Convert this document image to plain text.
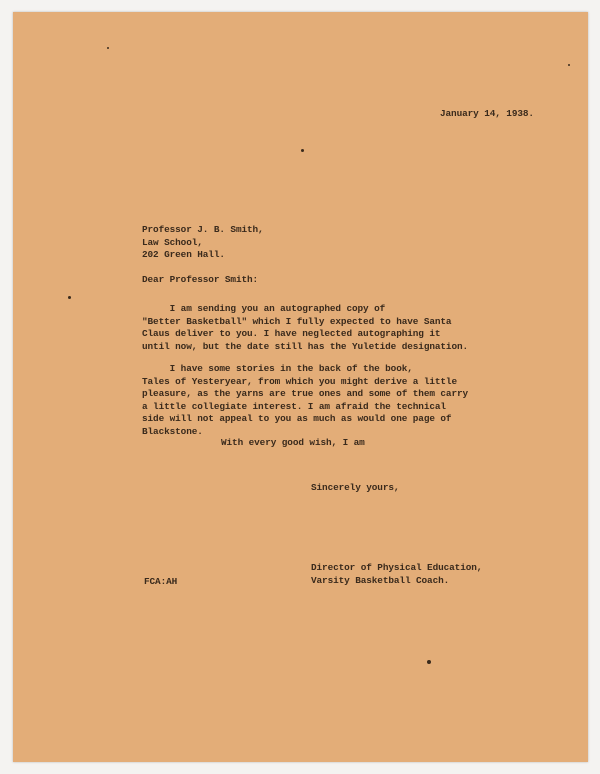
January 14, 1938.
Professor J. B. Smith,
Law School,
202 Green Hall.
Dear Professor Smith:
I am sending you an autographed copy of
"Better Basketball" which I fully expected to have Santa
Claus deliver to you. I have neglected autographing it
until now, but the date still has the Yuletide designation.
I have some stories in the back of the book,
Tales of Yesteryear, from which you might derive a little
pleasure, as the yarns are true ones and some of them carry
a little collegiate interest. I am afraid the technical
side will not appeal to you as much as would one page of
Blackstone.
With every good wish, I am
Sincerely yours,
Director of Physical Education,
Varsity Basketball Coach.
FCA:AH
